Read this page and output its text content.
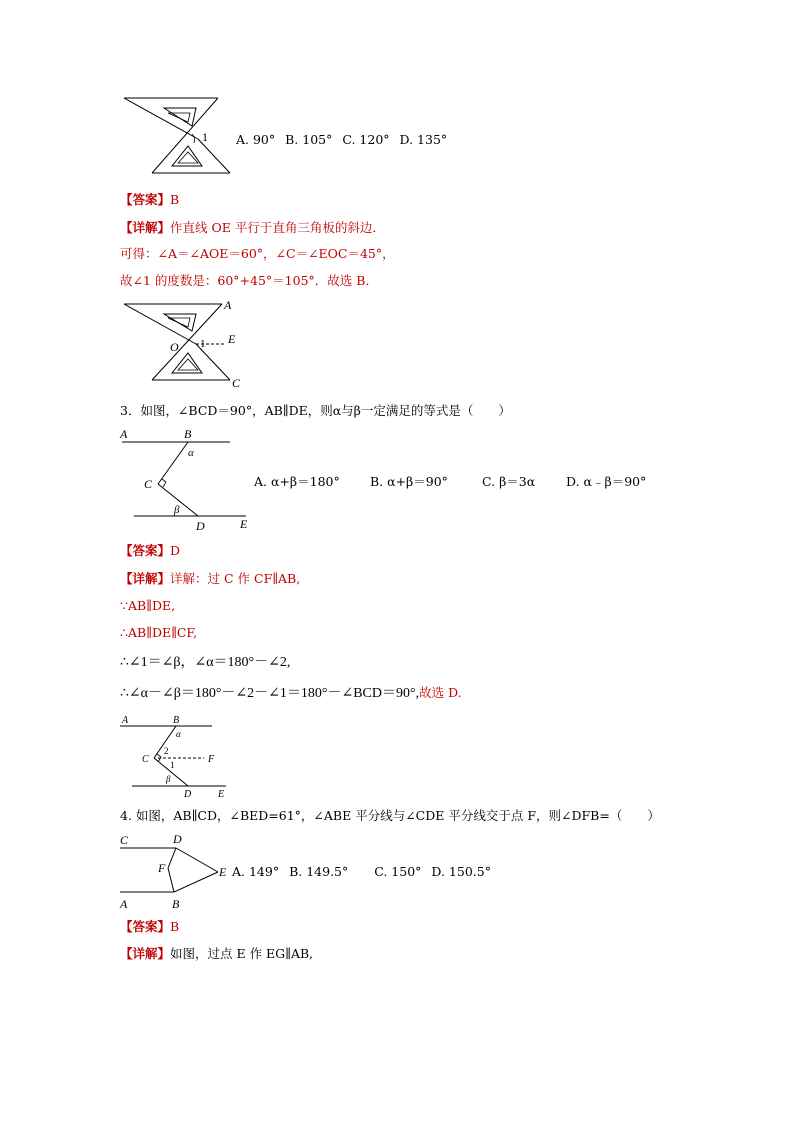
1 A. 90° B. 105° C. 120° D. 135°
【答案】B
【详解】作直线 OE 平行于直角三角板的斜边．
可得：∠A＝∠AOE＝60°，∠C＝∠EOC＝45°，
故∠1 的度数是：60°+45°＝105°．故选 B．
A
E
O 1
C
3．如图，∠BCD＝90°，AB∥DE，则α与β一定满足的等式是（　　）
A	B
α
C
β
D	E
A. α+β＝180° B. α+β＝90°	C. β＝3α D. α﹣β＝90°
【答案】D
【详解】详解：过 C 作 CF∥AB,
∵AB∥DE,
∴AB∥DE∥CF,
∴∠1＝∠β，∠α＝180°－∠2,
∴∠α－∠β＝180°－∠2－∠1＝180°－∠BCD＝90°,故选 D.
A	B
α
C
2
1	F
β
D	E
4. 如图，AB∥CD，∠BED=61°，∠ABE 平分线与∠CDE 平分线交于点 F，则∠DFB=（　　）
C	D
F	E
A	B
A. 149° B. 149.5° C. 150° D. 150.5°
【答案】B
【详解】如图，过点 E 作 EG∥AB,
